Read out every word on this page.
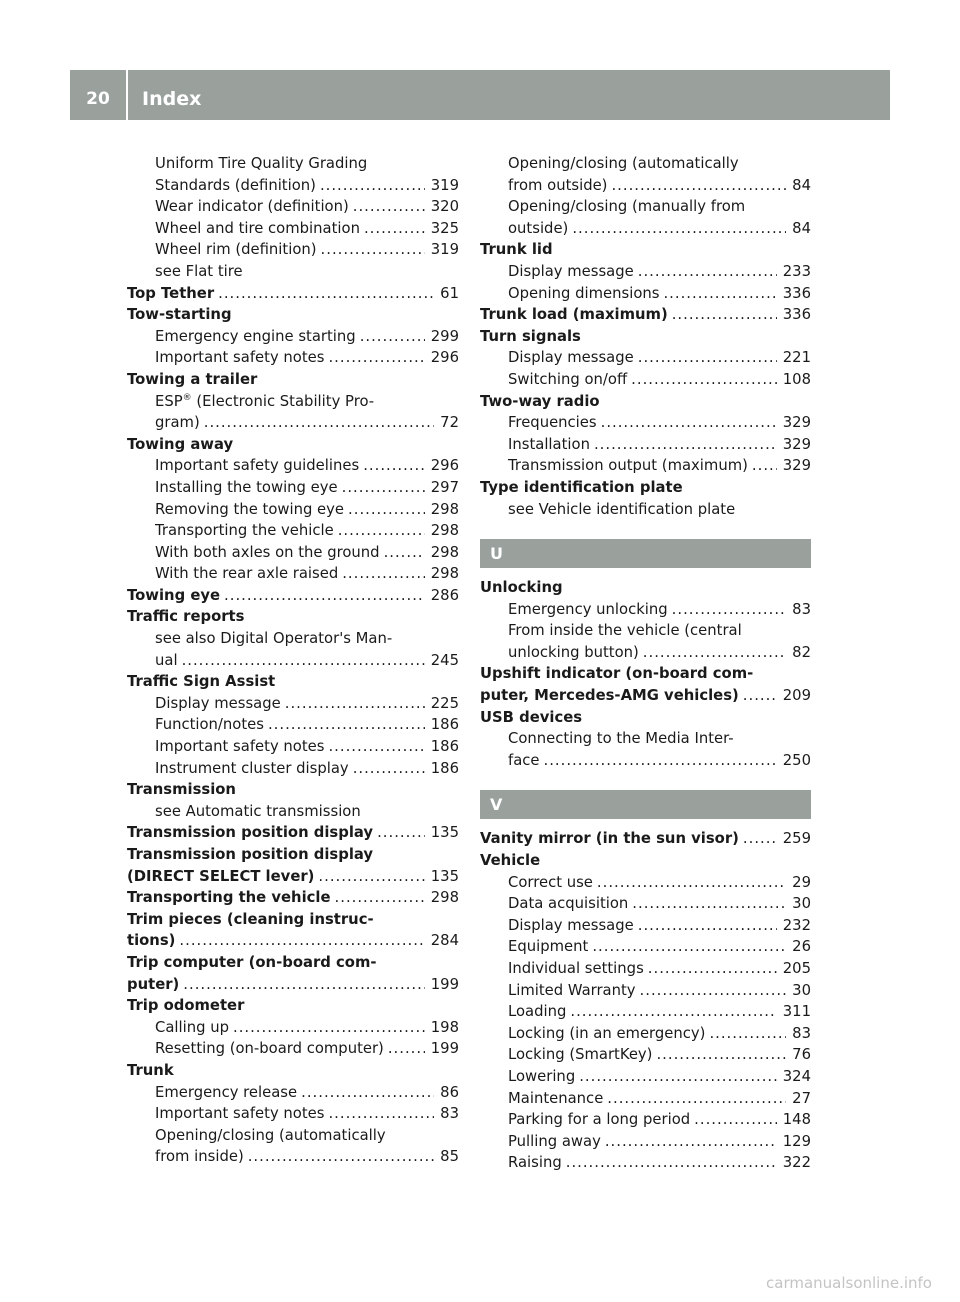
20	Index
Uniform Tire Quality Grading
Standards (definition) .....	319
Wear indicator (definition) .....	320
Wheel and tire combination .....	325
Wheel rim (definition) .....	319
see Flat tire
Top Tether .....	61
Tow-starting
Emergency engine starting .....	299
Important safety notes .....	296
Towing a trailer
ESP® (Electronic Stability Pro-
gram) .....	72
Towing away
Important safety guidelines .....	296
Installing the towing eye .....	297
Removing the towing eye .....	298
Transporting the vehicle .....	298
With both axles on the ground .....	298
With the rear axle raised .....	298
Towing eye .....	286
Traffic reports
see also Digital Operator's Man-
ual .....	245
Traffic Sign Assist
Display message .....	225
Function/notes .....	186
Important safety notes .....	186
Instrument cluster display .....	186
Transmission
see Automatic transmission
Transmission position display .....	135
Transmission position display
(DIRECT SELECT lever) .....	135
Transporting the vehicle .....	298
Trim pieces (cleaning instruc-
tions) .....	284
Trip computer (on-board com-
puter) .....	199
Trip odometer
Calling up .....	198
Resetting (on-board computer) .....	199
Trunk
Emergency release .....	86
Important safety notes .....	83
Opening/closing (automatically
from inside) .....	85
Opening/closing (automatically
from outside) .....	84
Opening/closing (manually from
outside) .....	84
Trunk lid
Display message .....	233
Opening dimensions .....	336
Trunk load (maximum) .....	336
Turn signals
Display message .....	221
Switching on/off .....	108
Two-way radio
Frequencies .....	329
Installation .....	329
Transmission output (maximum) ..... 329
Type identification plate
see Vehicle identification plate
U
Unlocking
Emergency unlocking .....	83
From inside the vehicle (central
unlocking button) .....	82
Upshift indicator (on-board com-
puter, Mercedes-AMG vehicles) .....	209
USB devices
Connecting to the Media Inter-
face .....	250
V
Vanity mirror (in the sun visor) .....	259
Vehicle
Correct use .....	29
Data acquisition .....	30
Display message .....	232
Equipment .....	26
Individual settings .....	205
Limited Warranty .....	30
Loading .....	311
Locking (in an emergency) .....	83
Locking (SmartKey) .....	76
Lowering .....	324
Maintenance .....	27
Parking for a long period .....	148
Pulling away .....	129
Raising .....	322
carmanualsonline.info
